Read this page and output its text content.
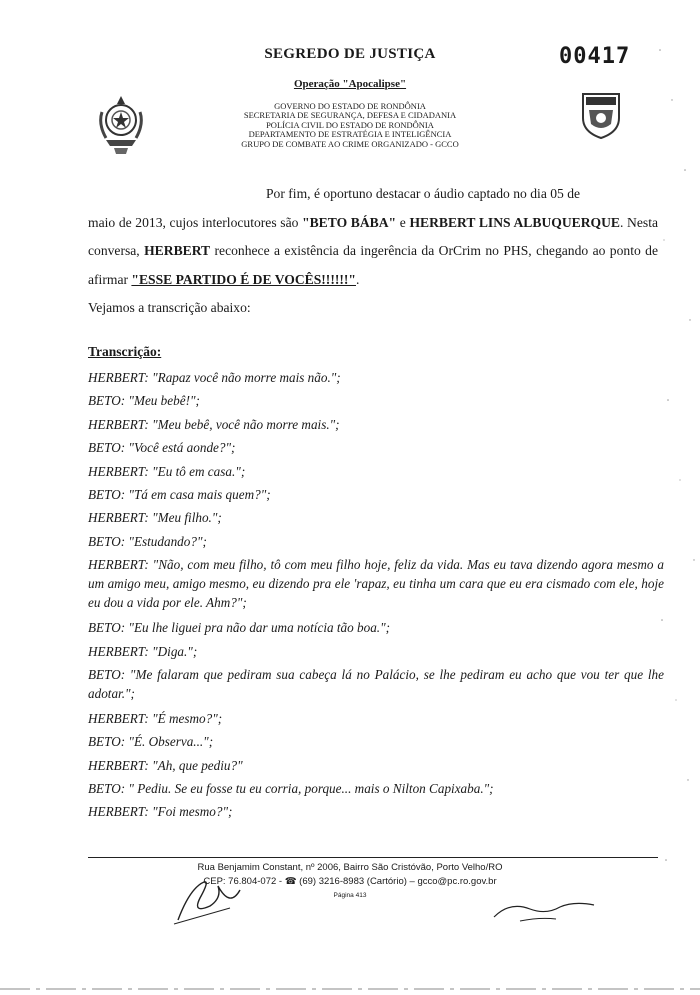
SEGREDO DE JUSTIÇA	00417
Operação "Apocalipse"
GOVERNO DO ESTADO DE RONDÔNIA
SECRETARIA DE SEGURANÇA, DEFESA E CIDADANIA
POLÍCIA CIVIL DO ESTADO DE RONDÔNIA
DEPARTAMENTO DE ESTRATÉGIA E INTELIGÊNCIA
GRUPO DE COMBATE AO CRIME ORGANIZADO - GCCO
Por fim, é oportuno destacar o áudio captado no dia 05 de
maio de 2013, cujos interlocutores são "BETO BÁBA" e HERBERT LINS ALBUQUERQUE. Nesta conversa, HERBERT reconhece a existência da ingerência da OrCrim no PHS, chegando ao ponto de afirmar "ESSE PARTIDO É DE VOCÊS!!!!!!".
Vejamos a transcrição abaixo:
Transcrição:
HERBERT: "Rapaz você não morre mais não.";
BETO: "Meu bebê!";
HERBERT: "Meu bebê, você não morre mais.";
BETO: "Você está aonde?";
HERBERT: "Eu tô em casa.";
BETO: "Tá em casa mais quem?";
HERBERT: "Meu filho.";
BETO: "Estudando?";
HERBERT: "Não, com meu filho, tô com meu filho hoje, feliz da vida. Mas eu tava dizendo agora mesmo a um amigo meu, amigo mesmo, eu dizendo pra ele 'rapaz, eu tinha um cara que eu era cismado com ele, hoje eu dou a vida por ele. Ahm?";
BETO: "Eu lhe liguei pra não dar uma notícia tão boa.";
HERBERT: "Diga.";
BETO: "Me falaram que pediram sua cabeça lá no Palácio, se lhe pediram eu acho que vou ter que lhe adotar.";
HERBERT: "É mesmo?";
BETO: "É. Observa...";
HERBERT: "Ah, que pediu?"
BETO: " Pediu. Se eu fosse tu eu corria, porque... mais o Nilton Capixaba.";
HERBERT: "Foi mesmo?";
Rua Benjamim Constant, nº 2006, Bairro São Cristóvão, Porto Velho/RO
CEP: 76.804-072 - ☎ (69) 3216-8983 (Cartório) – gcco@pc.ro.gov.br
Página 413
